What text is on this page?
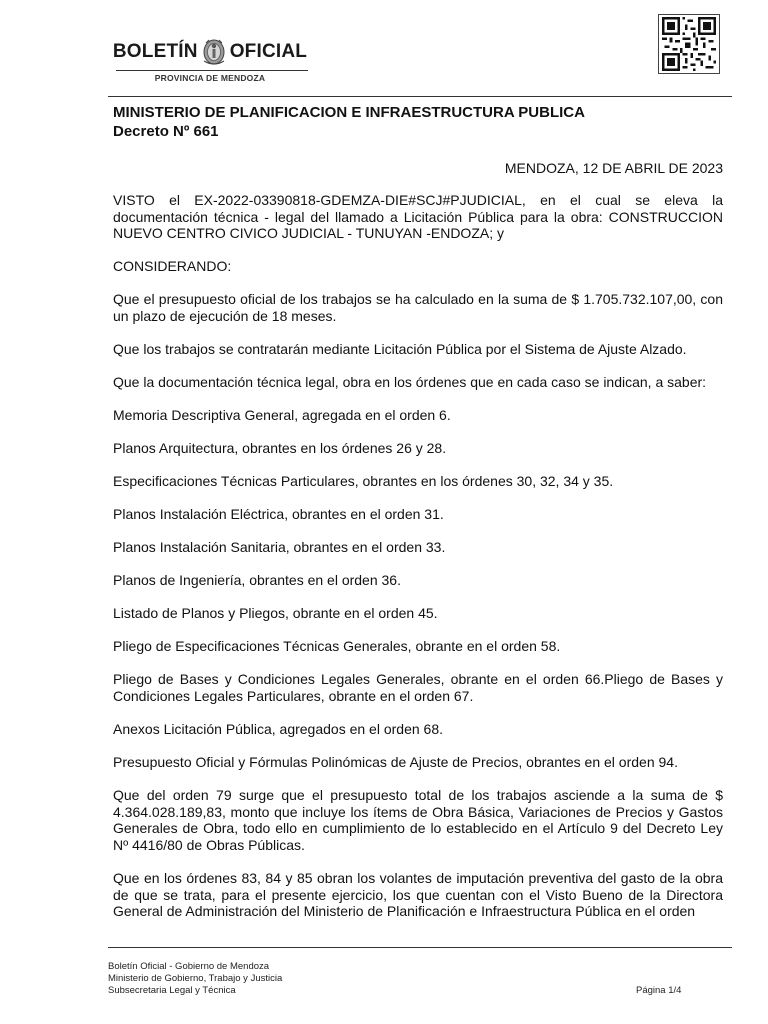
BOLETÍN OFICIAL
PROVINCIA DE MENDOZA
MINISTERIO DE PLANIFICACION E INFRAESTRUCTURA PUBLICA
Decreto Nº 661
MENDOZA, 12 DE ABRIL DE 2023

VISTO el EX-2022-03390818-GDEMZA-DIE#SCJ#PJUDICIAL, en el cual se eleva la documentación técnica - legal del llamado a Licitación Pública para la obra: CONSTRUCCION NUEVO CENTRO CIVICO JUDICIAL - TUNUYAN -ENDOZA; y

CONSIDERANDO:

Que el presupuesto oficial de los trabajos se ha calculado en la suma de $ 1.705.732.107,00, con un plazo de ejecución de 18 meses.

Que los trabajos se contratarán mediante Licitación Pública por el Sistema de Ajuste Alzado.

Que la documentación técnica legal, obra en los órdenes que en cada caso se indican, a saber:

Memoria Descriptiva General, agregada en el orden 6.

Planos Arquitectura, obrantes en los órdenes 26 y 28.

Especificaciones Técnicas Particulares, obrantes en los órdenes 30, 32, 34 y 35.

Planos Instalación Eléctrica, obrantes en el orden 31.

Planos Instalación Sanitaria, obrantes en el orden 33.

Planos de Ingeniería, obrantes en el orden 36.

Listado de Planos y Pliegos, obrante en el orden 45.

Pliego de Especificaciones Técnicas Generales, obrante en el orden 58.

Pliego de Bases y Condiciones Legales Generales, obrante en el orden 66.Pliego de Bases y Condiciones Legales Particulares, obrante en el orden 67.

Anexos Licitación Pública, agregados en el orden 68.

Presupuesto Oficial y Fórmulas Polinómicas de Ajuste de Precios, obrantes en el orden 94.

Que del orden 79 surge que el presupuesto total de los trabajos asciende a la suma de $ 4.364.028.189,83, monto que incluye los ítems de Obra Básica, Variaciones de Precios y Gastos Generales de Obra, todo ello en cumplimiento de lo establecido en el Artículo 9 del Decreto Ley Nº 4416/80 de Obras Públicas.

Que en los órdenes 83, 84 y 85 obran los volantes de imputación preventiva del gasto de la obra de que se trata, para el presente ejercicio, los que cuentan con el Visto Bueno de la Directora General de Administración del Ministerio de Planificación e Infraestructura Pública en el orden

Boletín Oficial - Gobierno de Mendoza
Ministerio de Gobierno, Trabajo y Justicia
Subsecretaria Legal y Técnica	Página 1/4
